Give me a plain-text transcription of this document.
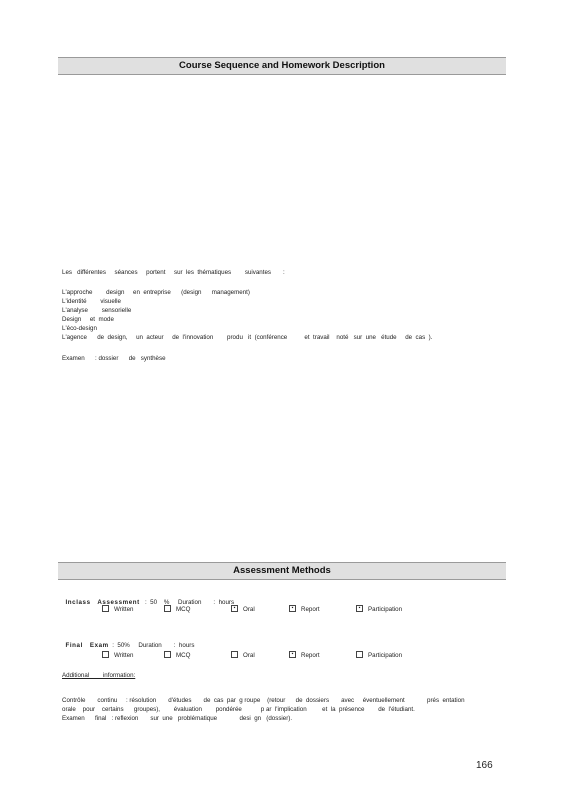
Course Sequence and Homework Description
Les   différentes     séances     portent     sur  les  thématiques        suivantes       :
L'approche        design     en  entreprise      (design      management)
L'identité        visuelle
L'analyse        sensorielle
Design     et  mode
L'éco-design
L'agence      de  design,     un  acteur     de  l'innovation        produ   it  (conférence          et  travail    noté   sur  une   étude     de  cas  ).
Examen      : dossier      de   synthèse
Assessment Methods

Inclass   Assessment :  50    %     Duration       :  hours

Written	MCQ	▪ Oral	▪ Report	▪ Participation

Final   Exam :  50%     Duration       :  hours

Written	MCQ	Oral	▪ Report	Participation
Additional        information:
Contrôle       continu     : résolution       d'études       de  cas  par  g roupe    (retour      de  dossiers       avec     éventuellement             prés  entation
orale    pour    certains      groupes),        évaluation        pondérée           p ar  l'implication         et  la  présence        de  l'étudiant.
Examen      final   : reflexion       sur  une   problématique             desi  gn   (dossier).
166
